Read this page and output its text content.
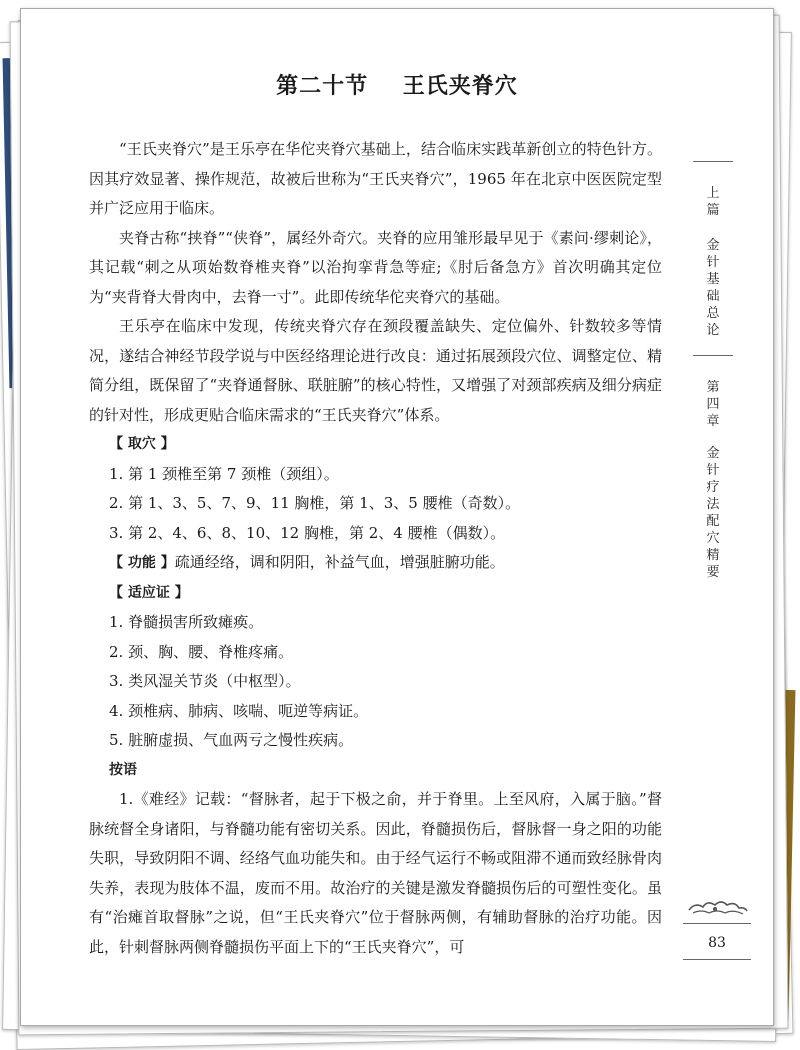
第二十节    王氏夹脊穴

“王氏夹脊穴”是王乐亭在华佗夹脊穴基础上，结合临床实践革新创立的特色针方。因其疗效显著、操作规范，故被后世称为“王氏夹脊穴”，1965 年在北京中医医院定型并广泛应用于临床。

夹脊古称“挟脊”“侠脊”，属经外奇穴。夹脊的应用雏形最早见于《素问·缪刺论》，其记载“刺之从项始数脊椎夹脊”以治拘挛背急等症;《肘后备急方》首次明确其定位为“夹背脊大骨肉中，去脊一寸”。此即传统华佗夹脊穴的基础。

王乐亭在临床中发现，传统夹脊穴存在颈段覆盖缺失、定位偏外、针数较多等情况，遂结合神经节段学说与中医经络理论进行改良：通过拓展颈段穴位、调整定位、精简分组，既保留了“夹脊通督脉、联脏腑”的核心特性，又增强了对颈部疾病及细分病症的针对性，形成更贴合临床需求的“王氏夹脊穴”体系。

【 取穴 】

1. 第 1 颈椎至第 7 颈椎（颈组）。

2. 第 1、3、5、7、9、11 胸椎，第 1、3、5 腰椎（奇数）。

3. 第 2、4、6、8、10、12 胸椎，第 2、4 腰椎（偶数）。

【 功能 】疏通经络，调和阴阳，补益气血，增强脏腑功能。

【 适应证 】

1. 脊髓损害所致瘫痪。

2. 颈、胸、腰、脊椎疼痛。

3. 类风湿关节炎（中枢型）。

4. 颈椎病、肺病、咳喘、呃逆等病证。

5. 脏腑虚损、气血两亏之慢性疾病。

按语

1.《难经》记载：“督脉者，起于下极之俞，并于脊里。上至风府，入属于脑。”督脉统督全身诸阳，与脊髓功能有密切关系。因此，脊髓损伤后，督脉督一身之阳的功能失职，导致阴阳不调、经络气血功能失和。由于经气运行不畅或阻滞不通而致经脉骨肉失养，表现为肢体不温，废而不用。故治疗的关键是激发脊髓损伤后的可塑性变化。虽有“治瘫首取督脉”之说，但“王氏夹脊穴”位于督脉两侧，有辅助督脉的治疗功能。因此，针刺督脉两侧脊髓损伤平面上下的“王氏夹脊穴”，可

上
篇
金
针
基
础
总
论
第
四
章
金
针
疗
法
配
穴
精
要
83
